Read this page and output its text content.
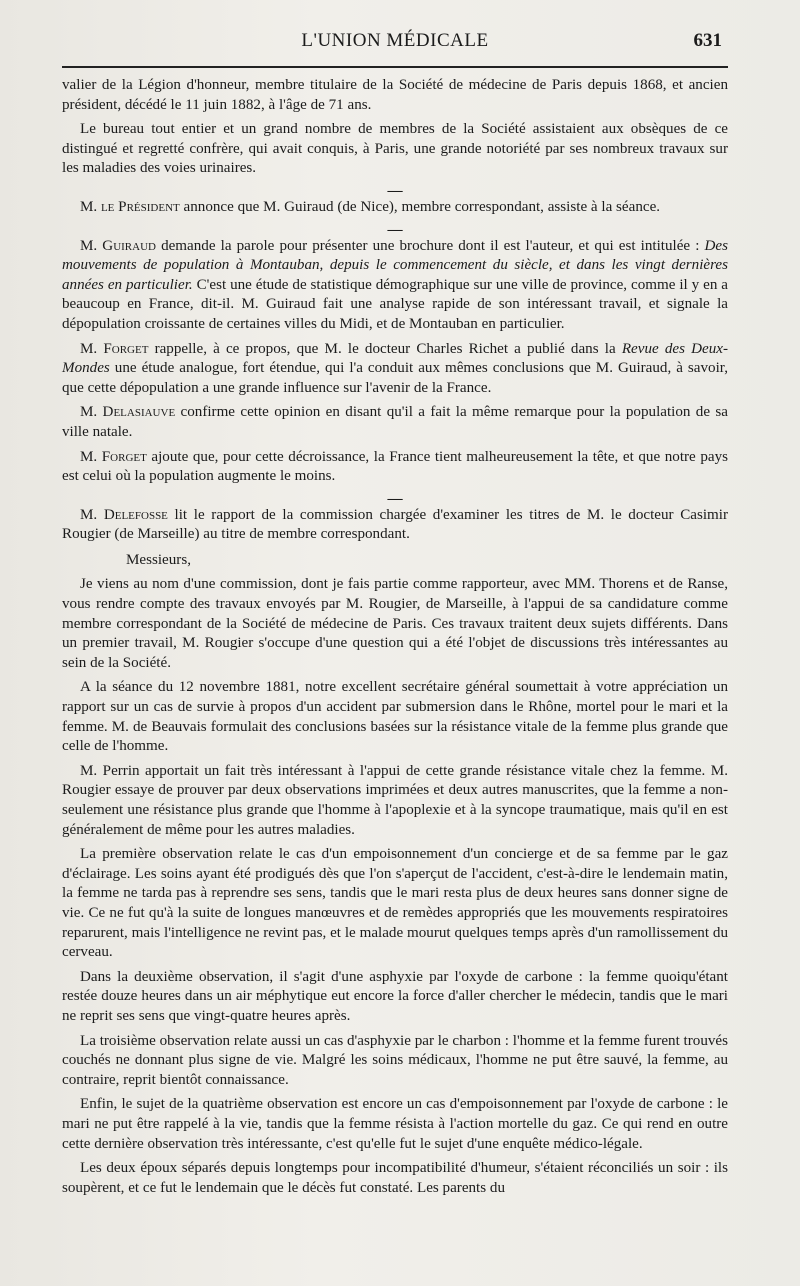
L'UNION MÉDICALE	631

valier de la Légion d'honneur, membre titulaire de la Société de médecine de Paris depuis 1868, et ancien président, décédé le 11 juin 1882, à l'âge de 71 ans.

Le bureau tout entier et un grand nombre de membres de la Société assistaient aux obsèques de ce distingué et regretté confrère, qui avait conquis, à Paris, une grande notoriété par ses nombreux travaux sur les maladies des voies urinaires.

—

M. le Président annonce que M. Guiraud (de Nice), membre correspondant, assiste à la séance.

—

M. Guiraud demande la parole pour présenter une brochure dont il est l'auteur, et qui est intitulée : Des mouvements de population à Montauban, depuis le commencement du siècle, et dans les vingt dernières années en particulier. C'est une étude de statistique démographique sur une ville de province, comme il y en a beaucoup en France, dit-il. M. Guiraud fait une analyse rapide de son intéressant travail, et signale la dépopulation croissante de certaines villes du Midi, et de Montauban en particulier.

M. Forget rappelle, à ce propos, que M. le docteur Charles Richet a publié dans la Revue des Deux-Mondes une étude analogue, fort étendue, qui l'a conduit aux mêmes conclusions que M. Guiraud, à savoir, que cette dépopulation a une grande influence sur l'avenir de la France.

M. Delasiauve confirme cette opinion en disant qu'il a fait la même remarque pour la population de sa ville natale.

M. Forget ajoute que, pour cette décroissance, la France tient malheureusement la tête, et que notre pays est celui où la population augmente le moins.

—

M. Delefosse lit le rapport de la commission chargée d'examiner les titres de M. le docteur Casimir Rougier (de Marseille) au titre de membre correspondant.

Messieurs,

Je viens au nom d'une commission, dont je fais partie comme rapporteur, avec MM. Thorens et de Ranse, vous rendre compte des travaux envoyés par M. Rougier, de Marseille, à l'appui de sa candidature comme membre correspondant de la Société de médecine de Paris. Ces travaux traitent deux sujets différents. Dans un premier travail, M. Rougier s'occupe d'une question qui a été l'objet de discussions très intéressantes au sein de la Société.

A la séance du 12 novembre 1881, notre excellent secrétaire général soumettait à votre appréciation un rapport sur un cas de survie à propos d'un accident par submersion dans le Rhône, mortel pour le mari et la femme. M. de Beauvais formulait des conclusions basées sur la résistance vitale de la femme plus grande que celle de l'homme.

M. Perrin apportait un fait très intéressant à l'appui de cette grande résistance vitale chez la femme. M. Rougier essaye de prouver par deux observations imprimées et deux autres manuscrites, que la femme a non-seulement une résistance plus grande que l'homme à l'apoplexie et à la syncope traumatique, mais qu'il en est généralement de même pour les autres maladies.

La première observation relate le cas d'un empoisonnement d'un concierge et de sa femme par le gaz d'éclairage. Les soins ayant été prodigués dès que l'on s'aperçut de l'accident, c'est-à-dire le lendemain matin, la femme ne tarda pas à reprendre ses sens, tandis que le mari resta plus de deux heures sans donner signe de vie. Ce ne fut qu'à la suite de longues manœuvres et de remèdes appropriés que les mouvements respiratoires reparurent, mais l'intelligence ne revint pas, et le malade mourut quelques temps après d'un ramollissement du cerveau.

Dans la deuxième observation, il s'agit d'une asphyxie par l'oxyde de carbone : la femme quoiqu'étant restée douze heures dans un air méphytique eut encore la force d'aller chercher le médecin, tandis que le mari ne reprit ses sens que vingt-quatre heures après.

La troisième observation relate aussi un cas d'asphyxie par le charbon : l'homme et la femme furent trouvés couchés ne donnant plus signe de vie. Malgré les soins médicaux, l'homme ne put être sauvé, la femme, au contraire, reprit bientôt connaissance.

Enfin, le sujet de la quatrième observation est encore un cas d'empoisonnement par l'oxyde de carbone : le mari ne put être rappelé à la vie, tandis que la femme résista à l'action mortelle du gaz. Ce qui rend en outre cette dernière observation très intéressante, c'est qu'elle fut le sujet d'une enquête médico-légale.

Les deux époux séparés depuis longtemps pour incompatibilité d'humeur, s'étaient réconciliés un soir : ils soupèrent, et ce fut le lendemain que le décès fut constaté. Les parents du
